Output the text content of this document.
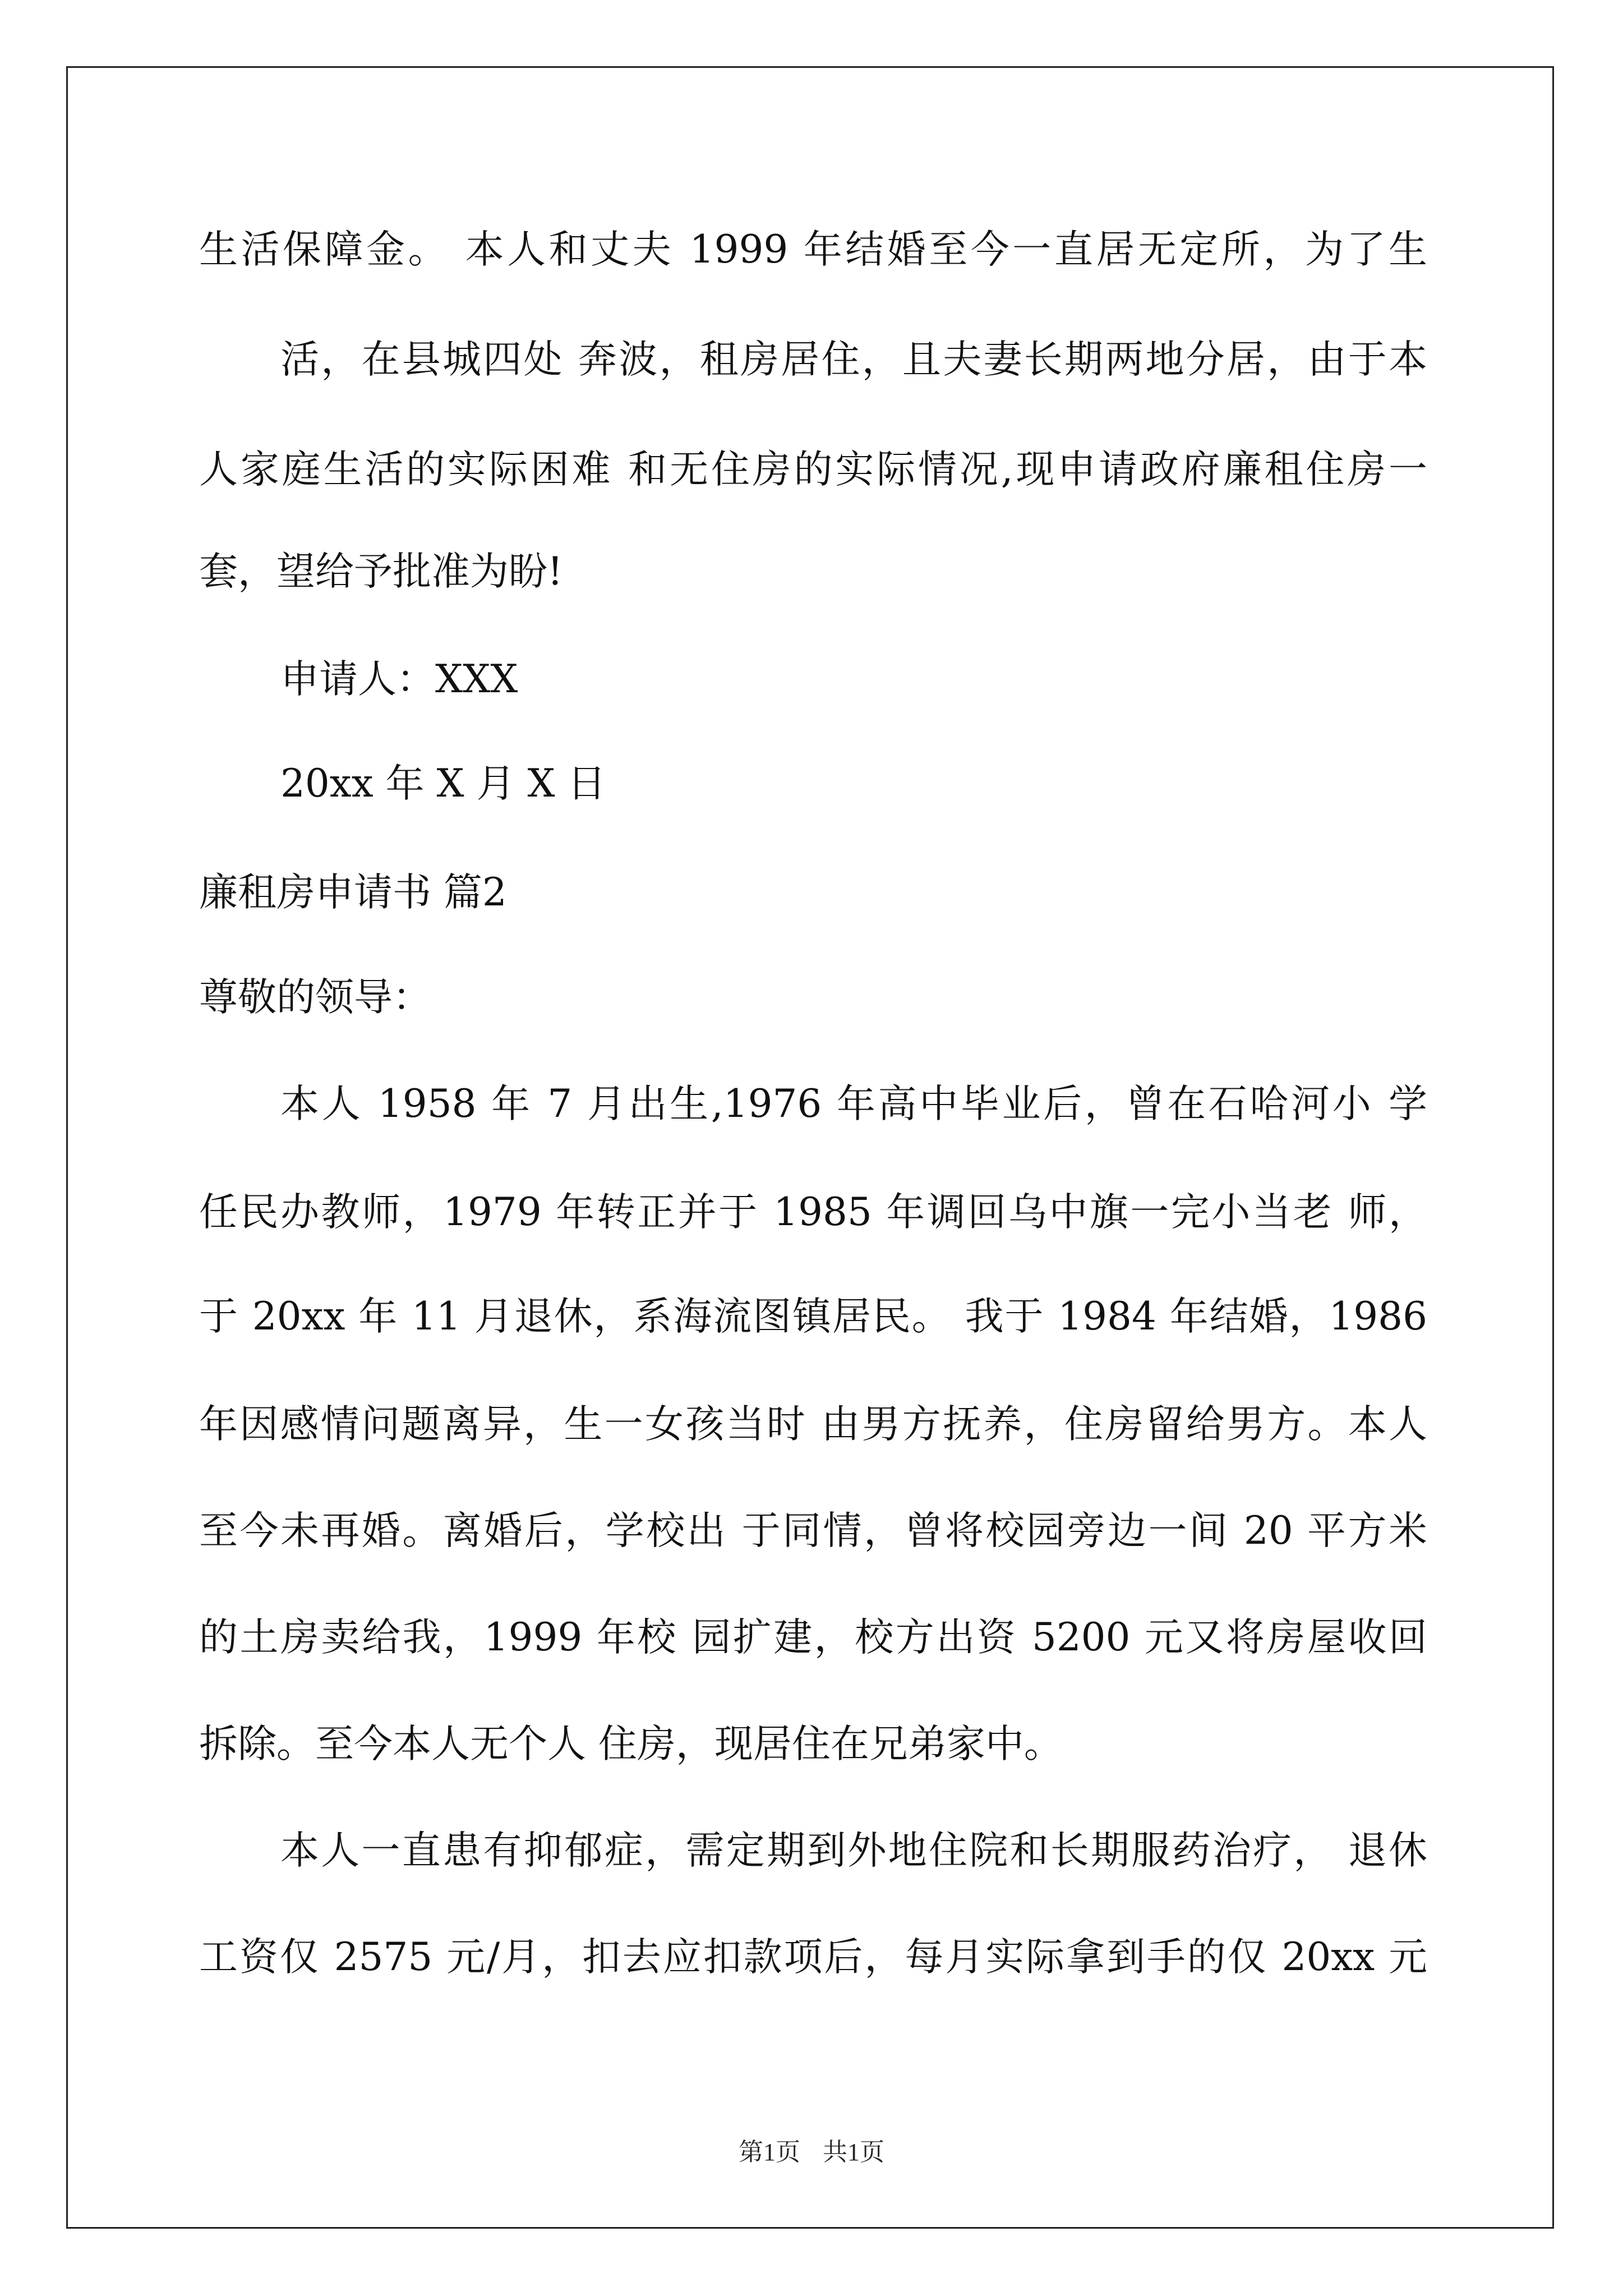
生活保障金。 本人和丈夫 1999 年结婚至今一直居无定所，为了生
活，在县城四处 奔波，租房居住，且夫妻长期两地分居，由于本
人家庭生活的实际困难 和无住房的实际情况,现申请政府廉租住房一
套，望给予批准为盼!
申请人：XXX
20xx 年 X 月 X 日
廉租房申请书 篇2
尊敬的领导：
本人 1958 年 7 月出生,1976 年高中毕业后，曾在石哈河小 学
任民办教师，1979 年转正并于 1985 年调回乌中旗一完小当老 师，
于 20xx 年 11 月退休，系海流图镇居民。 我于 1984 年结婚，1986
年因感情问题离异，生一女孩当时 由男方抚养，住房留给男方。本人
至今未再婚。离婚后，学校出 于同情，曾将校园旁边一间 20 平方米
的土房卖给我，1999 年校 园扩建，校方出资 5200 元又将房屋收回
拆除。至今本人无个人 住房，现居住在兄弟家中。
本人一直患有抑郁症，需定期到外地住院和长期服药治疗， 退休
工资仅 2575 元/月，扣去应扣款项后，每月实际拿到手的仅 20xx 元
第1页 共1页
